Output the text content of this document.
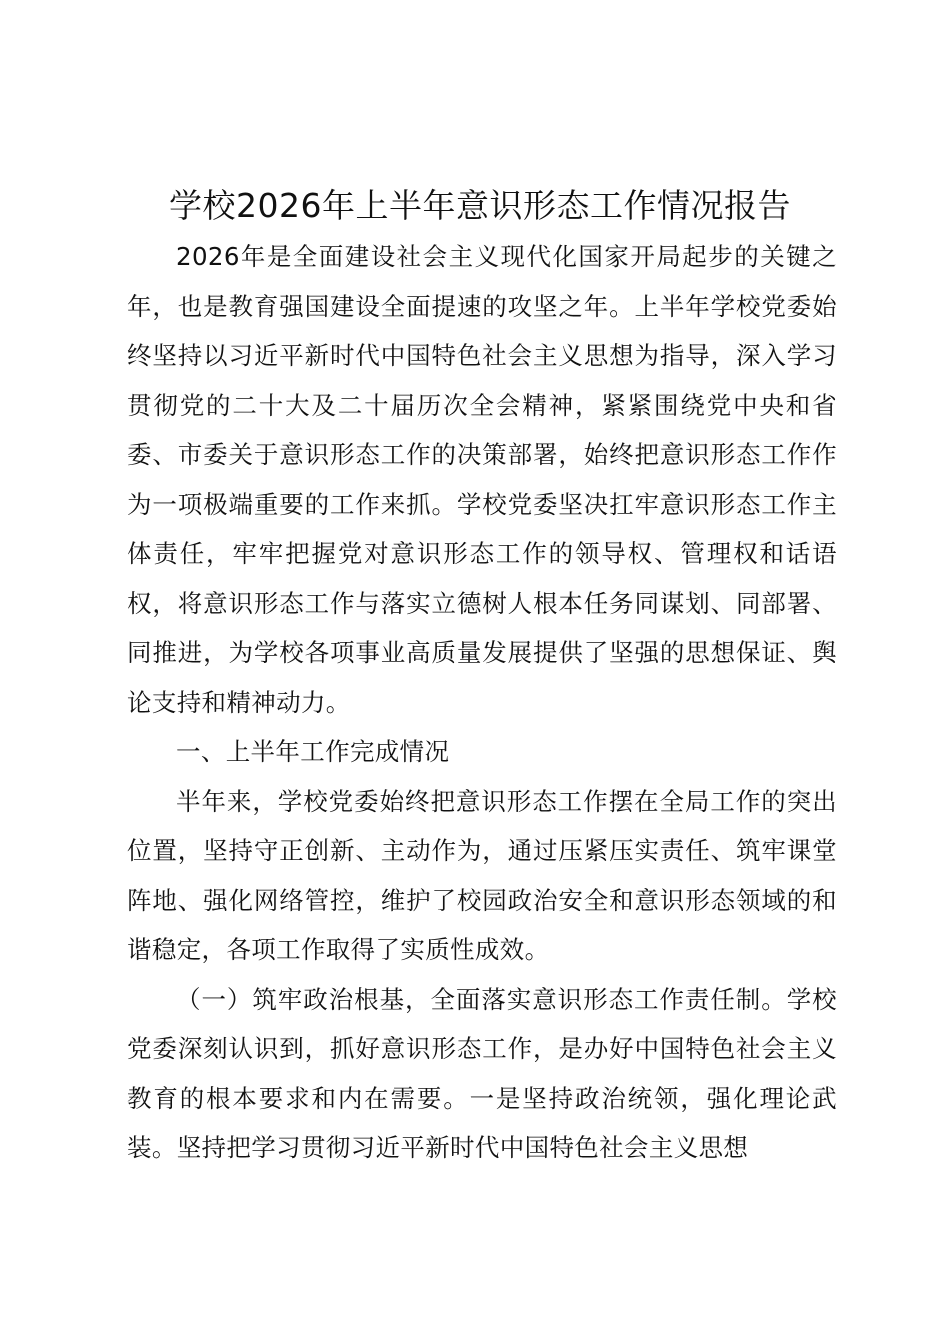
学校2026年上半年意识形态工作情况报告

2026年是全面建设社会主义现代化国家开局起步的关键之年，也是教育强国建设全面提速的攻坚之年。上半年学校党委始终坚持以习近平新时代中国特色社会主义思想为指导，深入学习贯彻党的二十大及二十届历次全会精神，紧紧围绕党中央和省委、市委关于意识形态工作的决策部署，始终把意识形态工作作为一项极端重要的工作来抓。学校党委坚决扛牢意识形态工作主体责任，牢牢把握党对意识形态工作的领导权、管理权和话语权，将意识形态工作与落实立德树人根本任务同谋划、同部署、同推进，为学校各项事业高质量发展提供了坚强的思想保证、舆论支持和精神动力。

一、上半年工作完成情况

半年来，学校党委始终把意识形态工作摆在全局工作的突出位置，坚持守正创新、主动作为，通过压紧压实责任、筑牢课堂阵地、强化网络管控，维护了校园政治安全和意识形态领域的和谐稳定，各项工作取得了实质性成效。

（一）筑牢政治根基，全面落实意识形态工作责任制。学校党委深刻认识到，抓好意识形态工作，是办好中国特色社会主义教育的根本要求和内在需要。一是坚持政治统领，强化理论武装。坚持把学习贯彻习近平新时代中国特色社会主义思想
